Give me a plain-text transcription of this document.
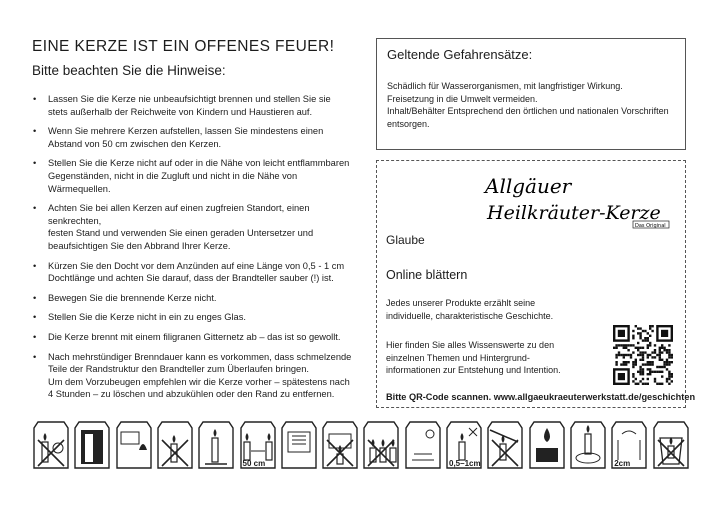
EINE KERZE IST EIN OFFENES FEUER!
Bitte beachten Sie die Hinweise:
• Lassen Sie die Kerze nie unbeaufsichtigt brennen und stellen Sie sie
stets außerhalb der Reichweite von Kindern und Haustieren auf.
• Wenn Sie mehrere Kerzen aufstellen, lassen Sie mindestens einen
Abstand von 50 cm zwischen den Kerzen.
• Stellen Sie die Kerze nicht auf oder in die Nähe von leicht entflammbaren
Gegenständen, nicht in die Zugluft und nicht in die Nähe von Wärmequellen.
• Achten Sie bei allen Kerzen auf einen zugfreien Standort, einen senkrechten,
festen Stand und verwenden Sie einen geraden Untersetzer und
beaufsichtigen Sie den Abbrand Ihrer Kerze.
• Kürzen Sie den Docht vor dem Anzünden auf eine Länge von 0,5 - 1 cm
Dochtlänge und achten Sie darauf, dass der Brandteller sauber (!) ist.
• Bewegen Sie die brennende Kerze nicht.
• Stellen Sie die Kerze nicht in ein zu enges Glas.
• Die Kerze brennt mit einem filigranen Gitternetz ab – das ist so gewollt.
• Nach mehrstündiger Brenndauer kann es vorkommen, dass schmelzende
Teile der Randstruktur den Brandteller zum Überlaufen bringen.
Um dem Vorzubeugen empfehlen wir die Kerze vorher – spätestens nach
4 Stunden – zu löschen und abzukühlen oder den Rand zu entfernen.
Geltende Gefahrensätze:
Schädlich für Wasserorganismen, mit langfristiger Wirkung.
Freisetzung in die Umwelt vermeiden.
Inhalt/Behälter Entsprechend den örtlichen und nationalen Vorschriften
entsorgen.
Allgäuer
Heilkräuter-Kerze
Das Original
Glaube
Online blättern
Jedes unserer Produkte erzählt seine
individuelle, charakteristische Geschichte.
Hier finden Sie alles Wissenswerte zu den
einzelnen Themen und Hintergrund-
informationen zur Entstehung und Intention.
Bitte QR-Code scannen. www.allgaeukraeuterwerkstatt.de/geschichten
50 cm	0,5–1cm	2cm
